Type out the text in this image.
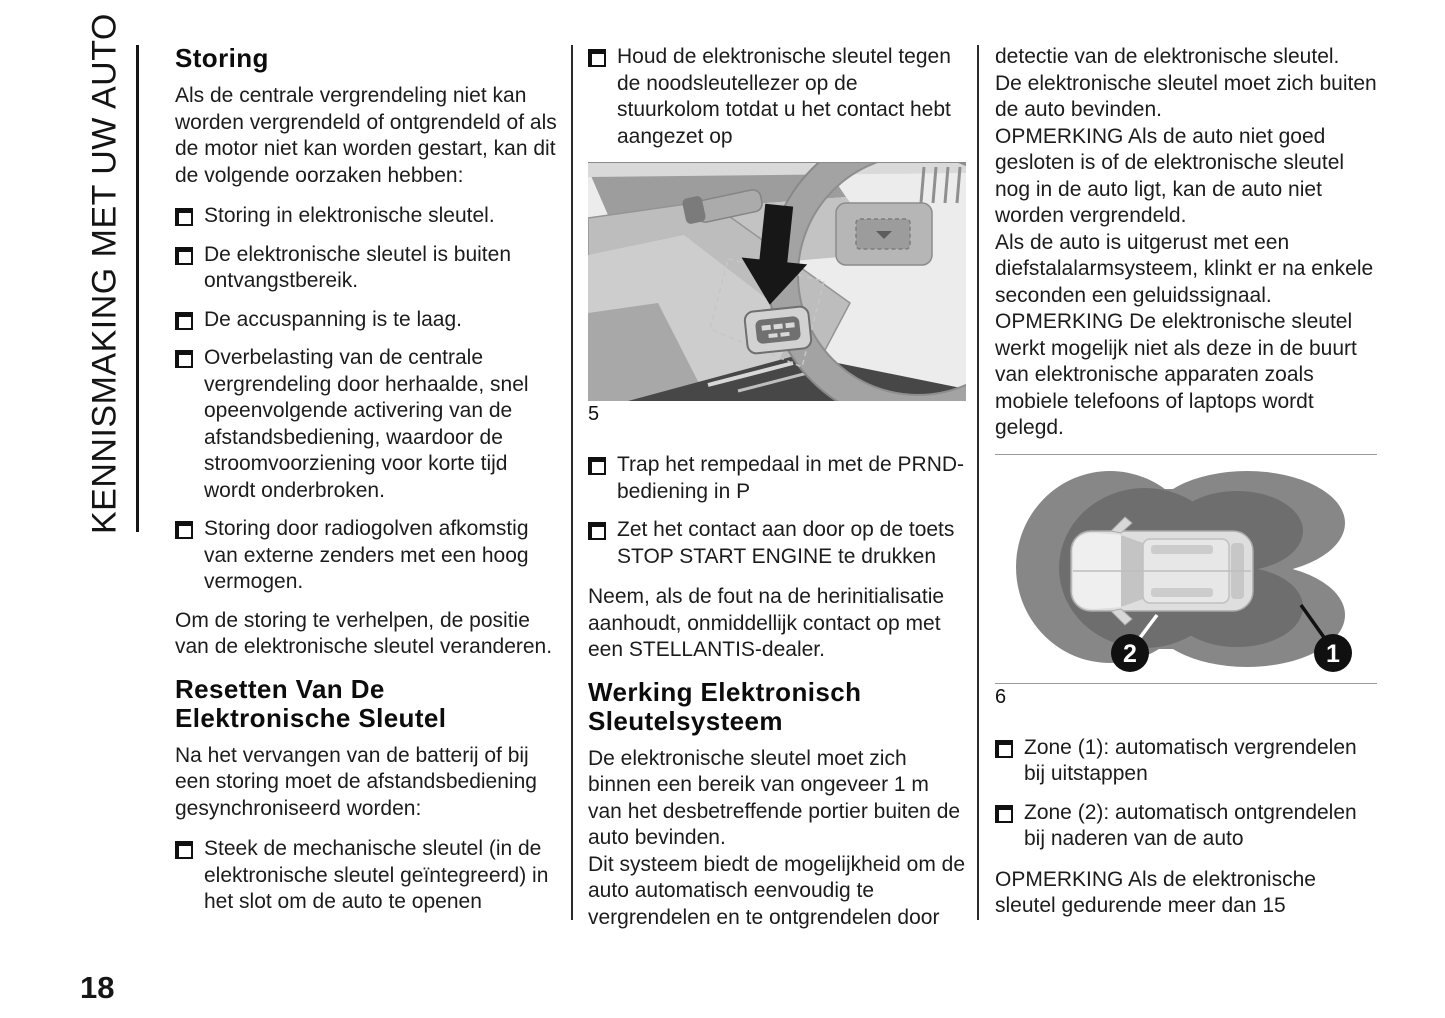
KENNISMAKING MET UW AUTO Storing
Als de centrale vergrendeling niet kan worden vergrendeld of ontgrendeld of als de motor niet kan worden gestart, kan dit de volgende oorzaken hebben:
Storing in elektronische sleutel.
De elektronische sleutel is buiten ontvangstbereik.
De accuspanning is te laag.
Overbelasting van de centrale vergrendeling door herhaalde, snel opeenvolgende activering van de afstandsbediening, waardoor de stroomvoorziening voor korte tijd wordt onderbroken.
Storing door radiogolven afkomstig van externe zenders met een hoog vermogen.
Om de storing te verhelpen, de positie van de elektronische sleutel veranderen.
Resetten Van De Elektronische Sleutel
Na het vervangen van de batterij of bij een storing moet de afstandsbediening gesynchroniseerd worden:
Steek de mechanische sleutel (in de elektronische sleutel geïntegreerd) in het slot om de auto te openen
Houd de elektronische sleutel tegen de noodsleutellezer op de stuurkolom totdat u het contact hebt aangezet op
5
Trap het rempedaal in met de PRND-bediening in P
Zet het contact aan door op de toets STOP START ENGINE te drukken
Neem, als de fout na de herinitialisatie aanhoudt, onmiddellijk contact op met een STELLANTIS-dealer.
Werking Elektronisch Sleutelsysteem
De elektronische sleutel moet zich binnen een bereik van ongeveer 1 m van het desbetreffende portier buiten de auto bevinden.
Dit systeem biedt de mogelijkheid om de auto automatisch eenvoudig te vergrendelen en te ontgrendelen door
detectie van de elektronische sleutel.
De elektronische sleutel moet zich buiten de auto bevinden.
OPMERKING Als de auto niet goed gesloten is of de elektronische sleutel nog in de auto ligt, kan de auto niet worden vergrendeld.
Als de auto is uitgerust met een diefstalalarmsysteem, klinkt er na enkele seconden een geluidssignaal.
OPMERKING De elektronische sleutel werkt mogelijk niet als deze in de buurt van elektronische apparaten zoals mobiele telefoons of laptops wordt gelegd.
2	1
6
Zone (1): automatisch vergrendelen bij uitstappen
Zone (2): automatisch ontgrendelen bij naderen van de auto
OPMERKING Als de elektronische sleutel gedurende meer dan 15
18
